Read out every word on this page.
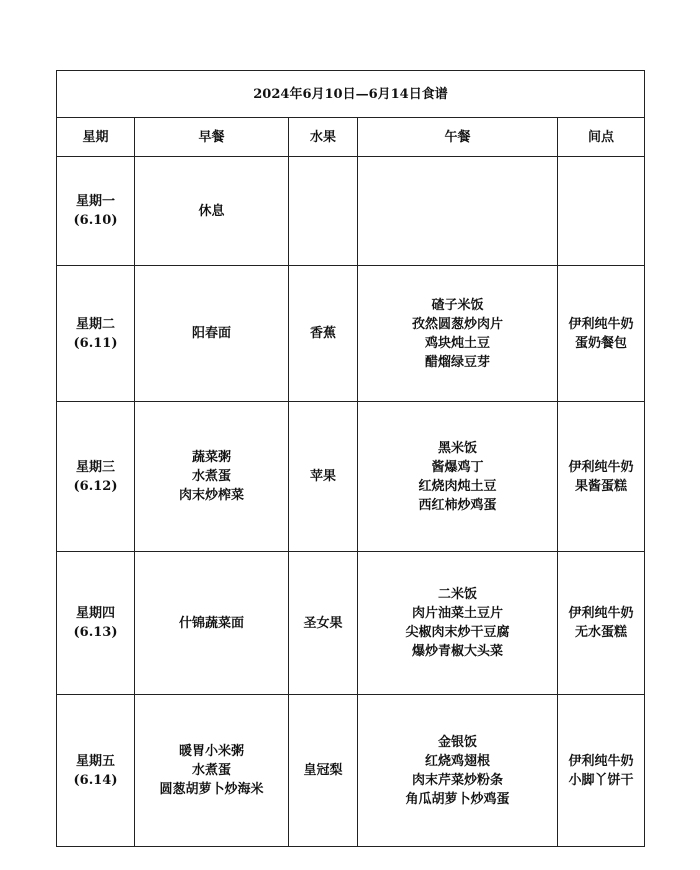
2024年6月10日—6月14日食谱				
星期	早餐	水果	午餐	间点

星期一
(6.10)	休息			

星期二
(6.11)	阳春面	香蕉	碴子米饭
孜然圆葱炒肉片
鸡块炖土豆
醋熘绿豆芽	伊利纯牛奶
蛋奶餐包

星期三
(6.12)	蔬菜粥
水煮蛋
肉末炒榨菜	苹果	黑米饭
酱爆鸡丁
红烧肉炖土豆
西红柿炒鸡蛋	伊利纯牛奶
果酱蛋糕

星期四
(6.13)	什锦蔬菜面	圣女果	二米饭
肉片油菜土豆片
尖椒肉末炒干豆腐
爆炒青椒大头菜	伊利纯牛奶
无水蛋糕

星期五
(6.14)	暖胃小米粥
水煮蛋
圆葱胡萝卜炒海米	皇冠梨	金银饭
红烧鸡翅根
肉末芹菜炒粉条
角瓜胡萝卜炒鸡蛋	伊利纯牛奶
小脚丫饼干
